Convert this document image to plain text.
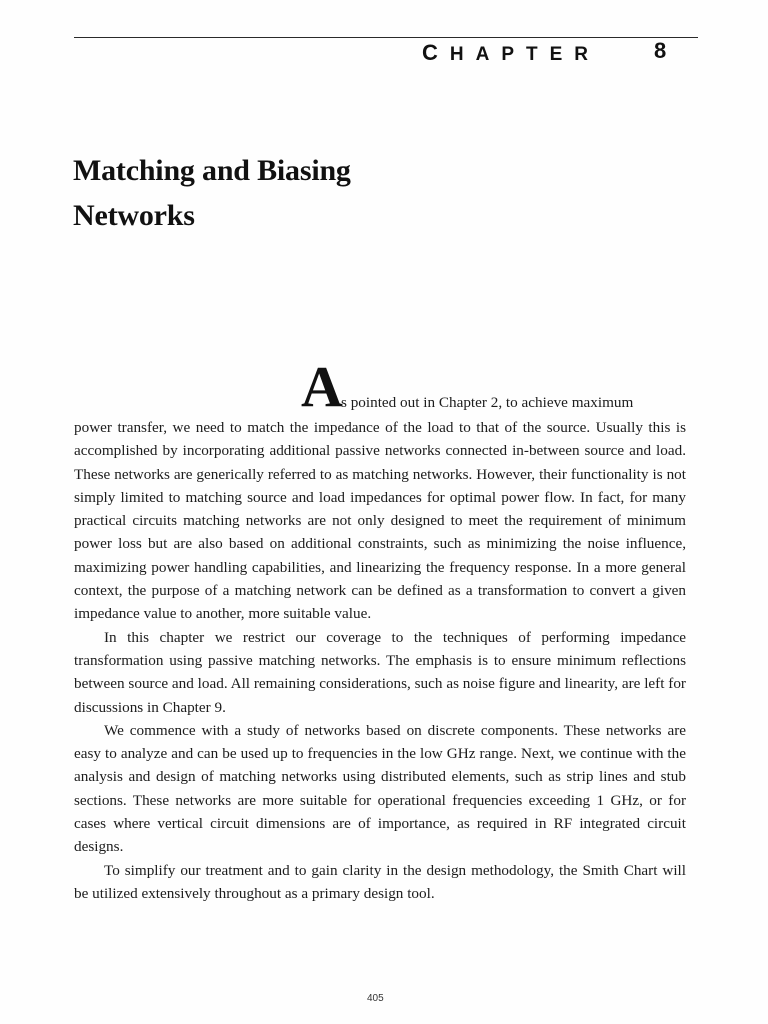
CHAPTER 8
Matching and Biasing
Networks
A
s pointed out in Chapter 2, to achieve maximum

power transfer, we need to match the impedance of the load to that of the source. Usually this is accomplished by incorporating additional passive networks connected in-between source and load. These networks are generically referred to as matching networks. However, their functionality is not simply limited to matching source and load impedances for optimal power flow. In fact, for many practical circuits matching networks are not only designed to meet the requirement of minimum power loss but are also based on additional constraints, such as minimizing the noise influence, maximizing power handling capabilities, and linearizing the frequency response. In a more general context, the purpose of a matching network can be defined as a transformation to convert a given impedance value to another, more suitable value.

In this chapter we restrict our coverage to the techniques of performing impedance transformation using passive matching networks. The emphasis is to ensure minimum reflections between source and load. All remaining considerations, such as noise figure and linearity, are left for discussions in Chapter 9.

We commence with a study of networks based on discrete components. These networks are easy to analyze and can be used up to frequencies in the low GHz range. Next, we continue with the analysis and design of matching networks using distributed elements, such as strip lines and stub sections. These networks are more suitable for operational frequencies exceeding 1 GHz, or for cases where vertical circuit dimensions are of importance, as required in RF integrated circuit designs.

To simplify our treatment and to gain clarity in the design methodology, the Smith Chart will be utilized extensively throughout as a primary design tool.

405
